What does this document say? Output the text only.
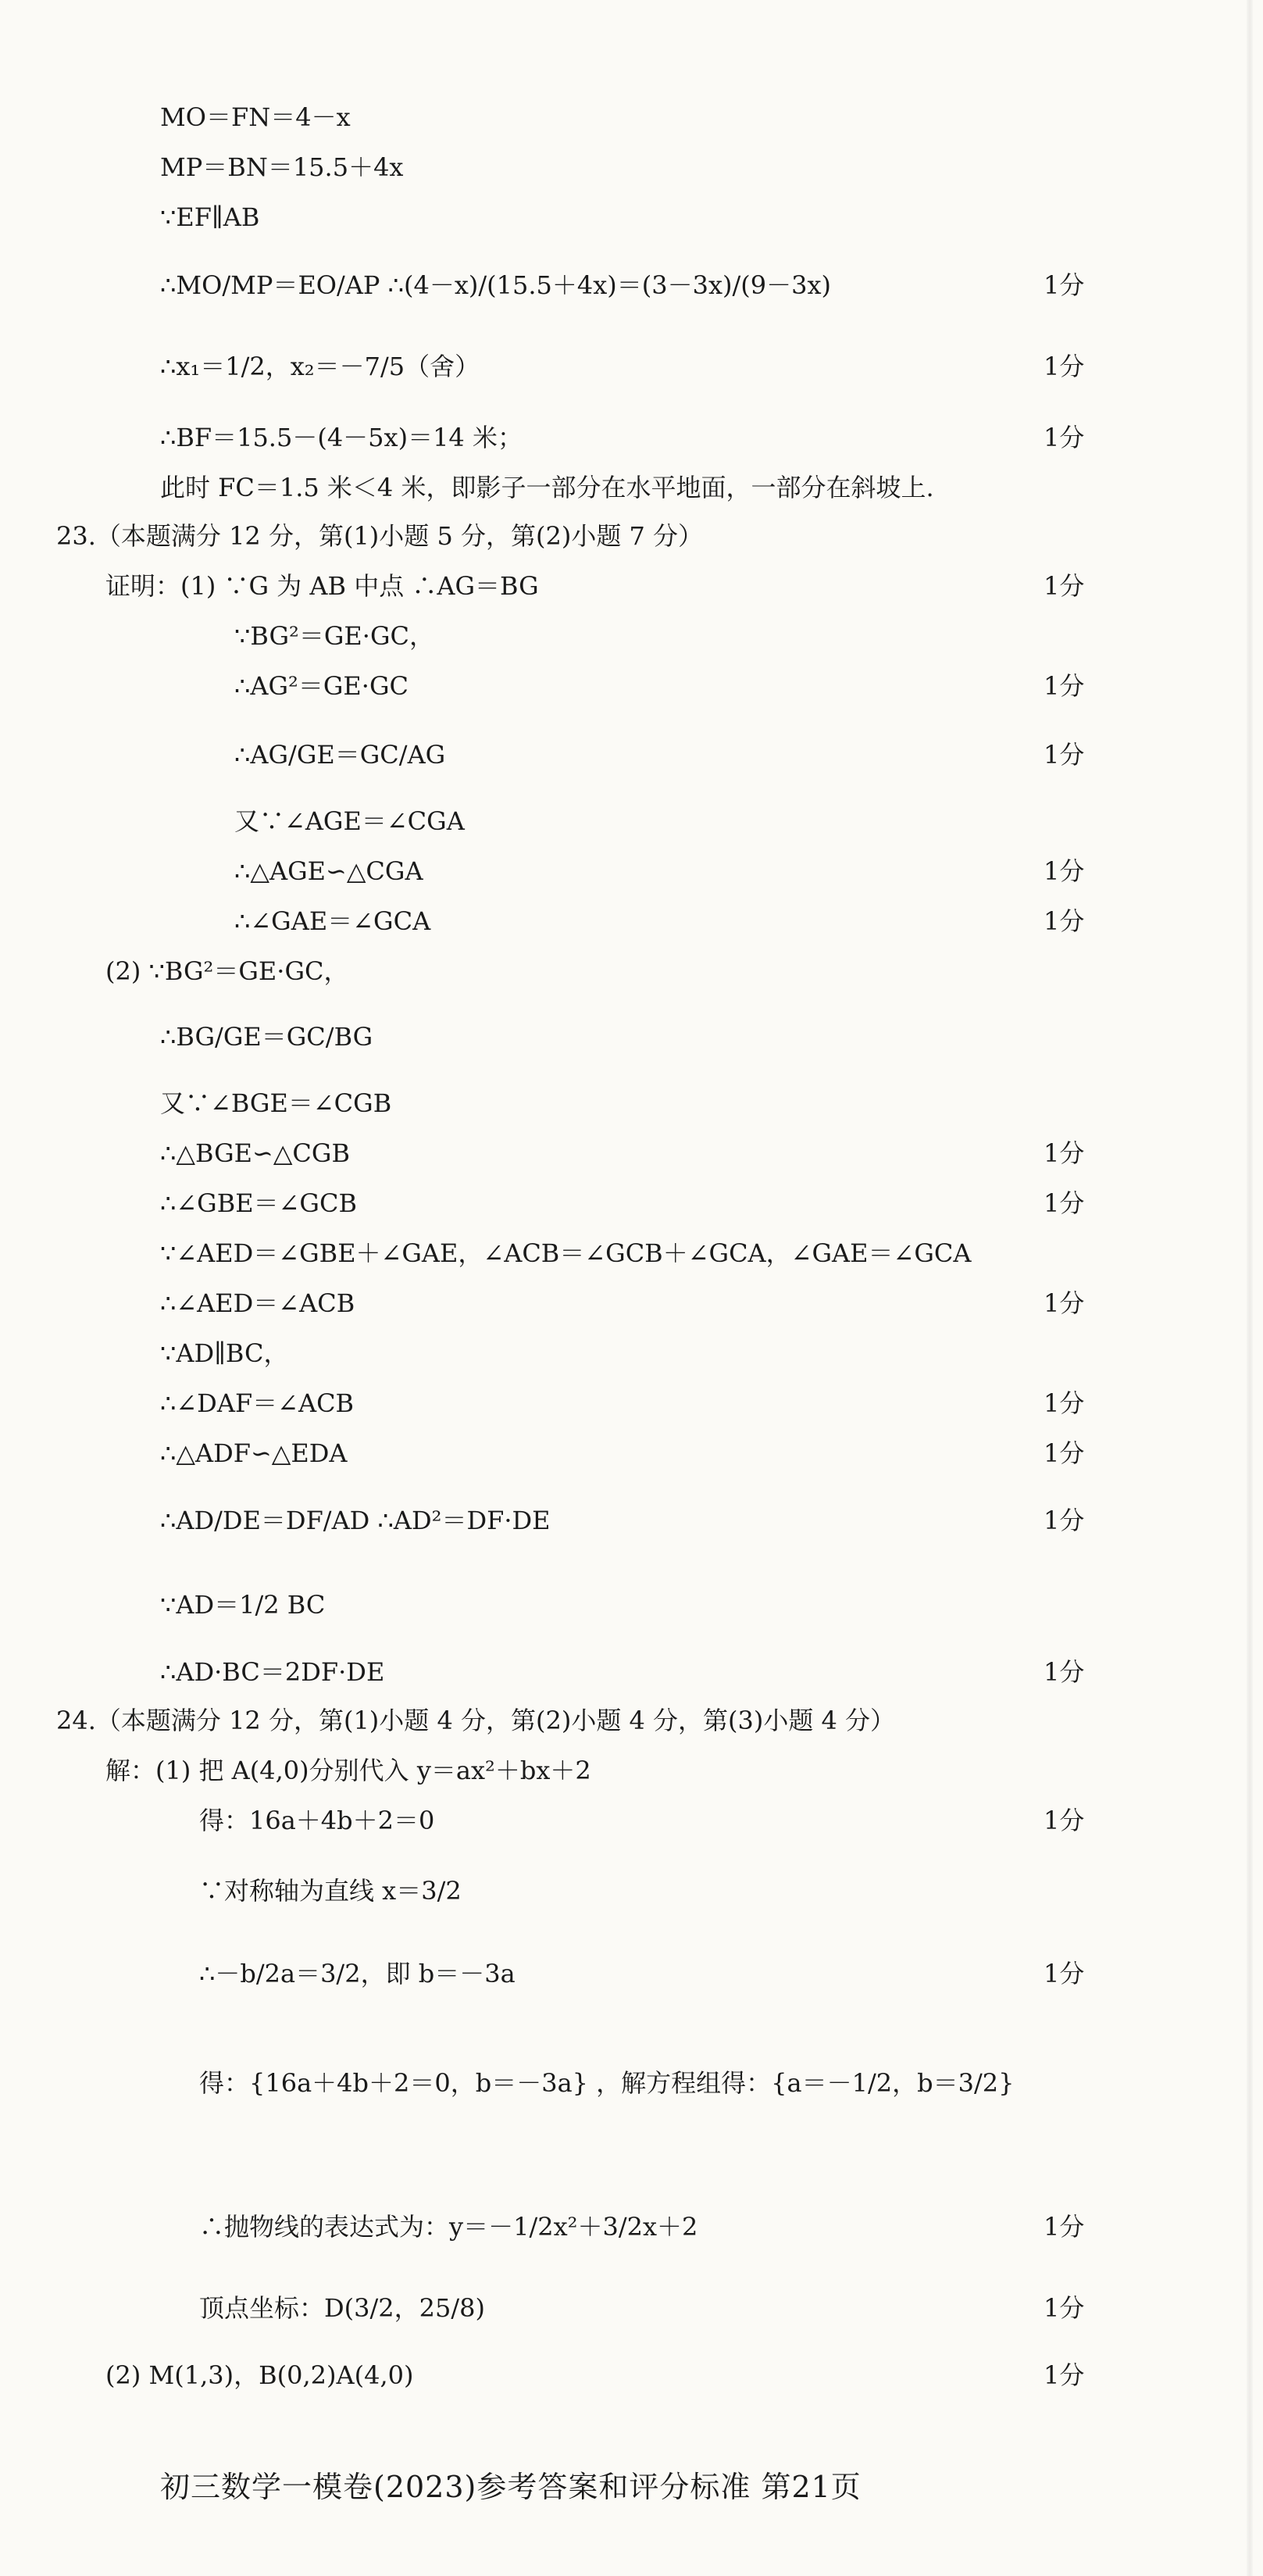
MO＝FN＝4－x
MP＝BN＝15.5＋4x
∵EF∥AB
∴MO/MP＝EO/AP ∴(4－x)/(15.5＋4x)＝(3－3x)/(9－3x)	1分
∴x₁＝1/2，x₂＝－7/5（舍）	1分
∴BF＝15.5－(4－5x)＝14 米；	1分
此时 FC＝1.5 米＜4 米，即影子一部分在水平地面，一部分在斜坡上.
23.（本题满分 12 分，第(1)小题 5 分，第(2)小题 7 分）
证明：(1) ∵G 为 AB 中点 ∴AG＝BG	1分
∵BG²＝GE·GC，
∴AG²＝GE·GC	1分
∴AG/GE＝GC/AG	1分
又∵∠AGE＝∠CGA
∴△AGE∽△CGA	1分
∴∠GAE＝∠GCA	1分
(2) ∵BG²＝GE·GC，
∴BG/GE＝GC/BG
又∵∠BGE＝∠CGB
∴△BGE∽△CGB	1分
∴∠GBE＝∠GCB	1分
∵∠AED＝∠GBE＋∠GAE，∠ACB＝∠GCB＋∠GCA，∠GAE＝∠GCA
∴∠AED＝∠ACB	1分
∵AD∥BC，
∴∠DAF＝∠ACB	1分
∴△ADF∽△EDA	1分
∴AD/DE＝DF/AD ∴AD²＝DF·DE	1分
∵AD＝1/2 BC
∴AD·BC＝2DF·DE	1分
24.（本题满分 12 分，第(1)小题 4 分，第(2)小题 4 分，第(3)小题 4 分）
解：(1) 把 A(4,0)分别代入 y＝ax²＋bx＋2
得：16a＋4b＋2＝0	1分
∵对称轴为直线 x＝3/2
∴－b/2a＝3/2，即 b＝－3a	1分
得：{16a＋4b＋2＝0，b＝－3a} ，解方程组得：{a＝－1/2，b＝3/2}
∴抛物线的表达式为：y＝－1/2x²＋3/2x＋2	1分
顶点坐标：D(3/2，25/8)	1分
(2) M(1,3)，B(0,2)A(4,0)	1分
初三数学一模卷(2023)参考答案和评分标准 第21页
